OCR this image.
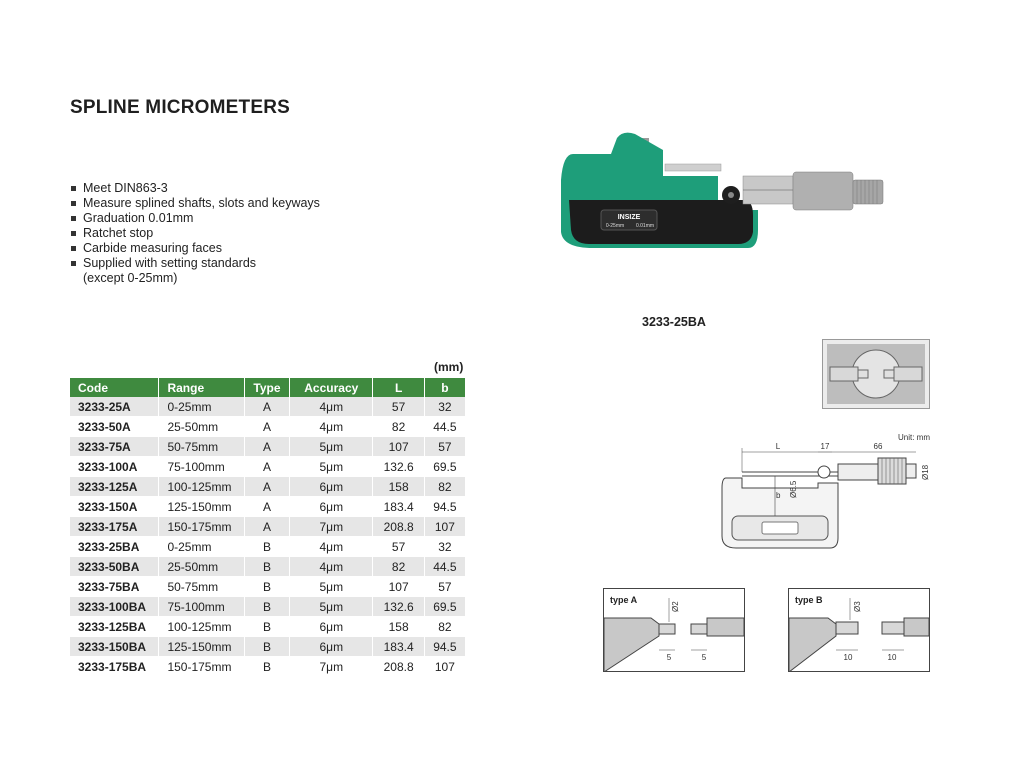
SPLINE MICROMETERS
Meet DIN863-3
Measure splined shafts, slots and keyways
Graduation 0.01mm
Ratchet stop
Carbide measuring faces
Supplied with setting standards
(except 0-25mm)
INSIZE
0-25mm 0.01mm
3233-25BA
(mm)
Code	Range	Type	Accuracy	L	b
3233-25A	0-25mm	A	4μm	57	32
3233-50A	25-50mm	A	4μm	82	44.5
3233-75A	50-75mm	A	5μm	107	57
3233-100A	75-100mm	A	5μm	132.6	69.5
3233-125A	100-125mm	A	6μm	158	82
3233-150A	125-150mm	A	6μm	183.4	94.5
3233-175A	150-175mm	A	7μm	208.8	107
3233-25BA	0-25mm	B	4μm	57	32
3233-50BA	25-50mm	B	4μm	82	44.5
3233-75BA	50-75mm	B	5μm	107	57
3233-100BA	75-100mm	B	5μm	132.6	69.5
3233-125BA	100-125mm	B	6μm	158	82
3233-150BA	125-150mm	B	6μm	183.4	94.5
3233-175BA	150-175mm	B	7μm	208.8	107
Unit: mm
L	17	66
b Ø6.5
Ø18
type A
Ø2
5	5
type B
Ø3
10	10
